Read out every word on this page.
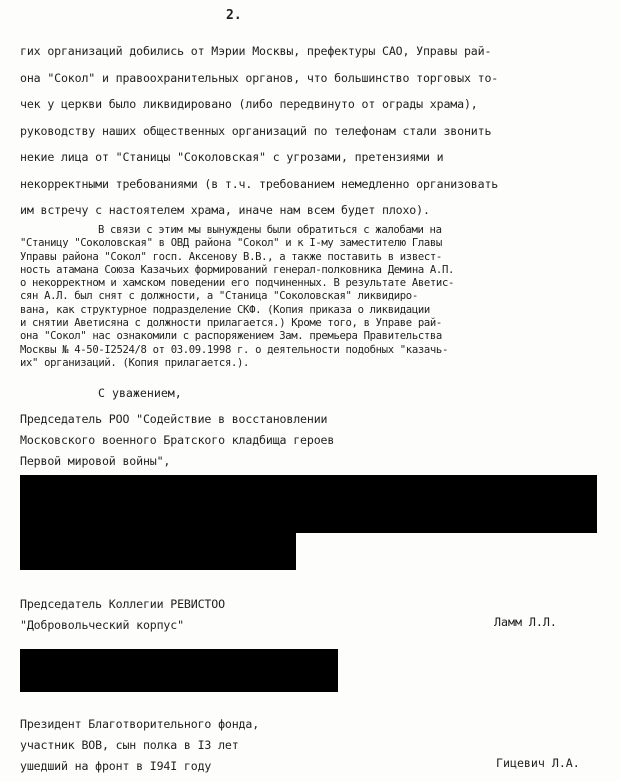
2.
гих организаций добились от Мэрии Москвы, префектуры САО, Управы рай-
она "Сокол" и правоохранительных органов, что большинство торговых то-
чек у церкви было ликвидировано (либо передвинуто от ограды храма),
руководству наших общественных организаций по телефонам стали звонить
некие лица от "Станицы "Соколовская" с угрозами, претензиями и
некорректными требованиями (в т.ч. требованием немедленно организовать
им встречу с настоятелем храма, иначе нам всем будет плохо).
В связи с этим мы вынуждены были обратиться с жалобами на
"Станицу "Соколовская" в ОВД района "Сокол" и к I-му заместителю Главы
Управы района "Сокол" госп. Аксенову В.В., а также поставить в извест-
ность атамана Союза Казачьих формирований генерал-полковника Демина А.П.
о некорректном и хамском поведении его подчиненных. В результате Аветис-
сян А.Л. был снят с должности, а "Станица "Соколовская" ликвидиро-
вана, как структурное подразделение СКФ. (Копия приказа о ликвидации
и снятии Аветисяна с должности прилагается.) Кроме того, в Управе рай-
она "Сокол" нас ознакомили с распоряжением Зам. премьера Правительства
Москвы № 4-50-I2524/8 от 03.09.1998 г. о деятельности подобных "казачь-
их" организаций. (Копия прилагается.).
С уважением,
Председатель РОО "Содействие в восстановлении
Московского военного Братского кладбища героев
Первой мировой войны",
Председатель Коллегии РЕВИСТОО
"Добровольческий корпус"	Ламм Л.Л.
Президент Благотворительного фонда,
участник ВОВ, сын полка в I3 лет
ушедший на фронт в I94I году	Гицевич Л.А.
